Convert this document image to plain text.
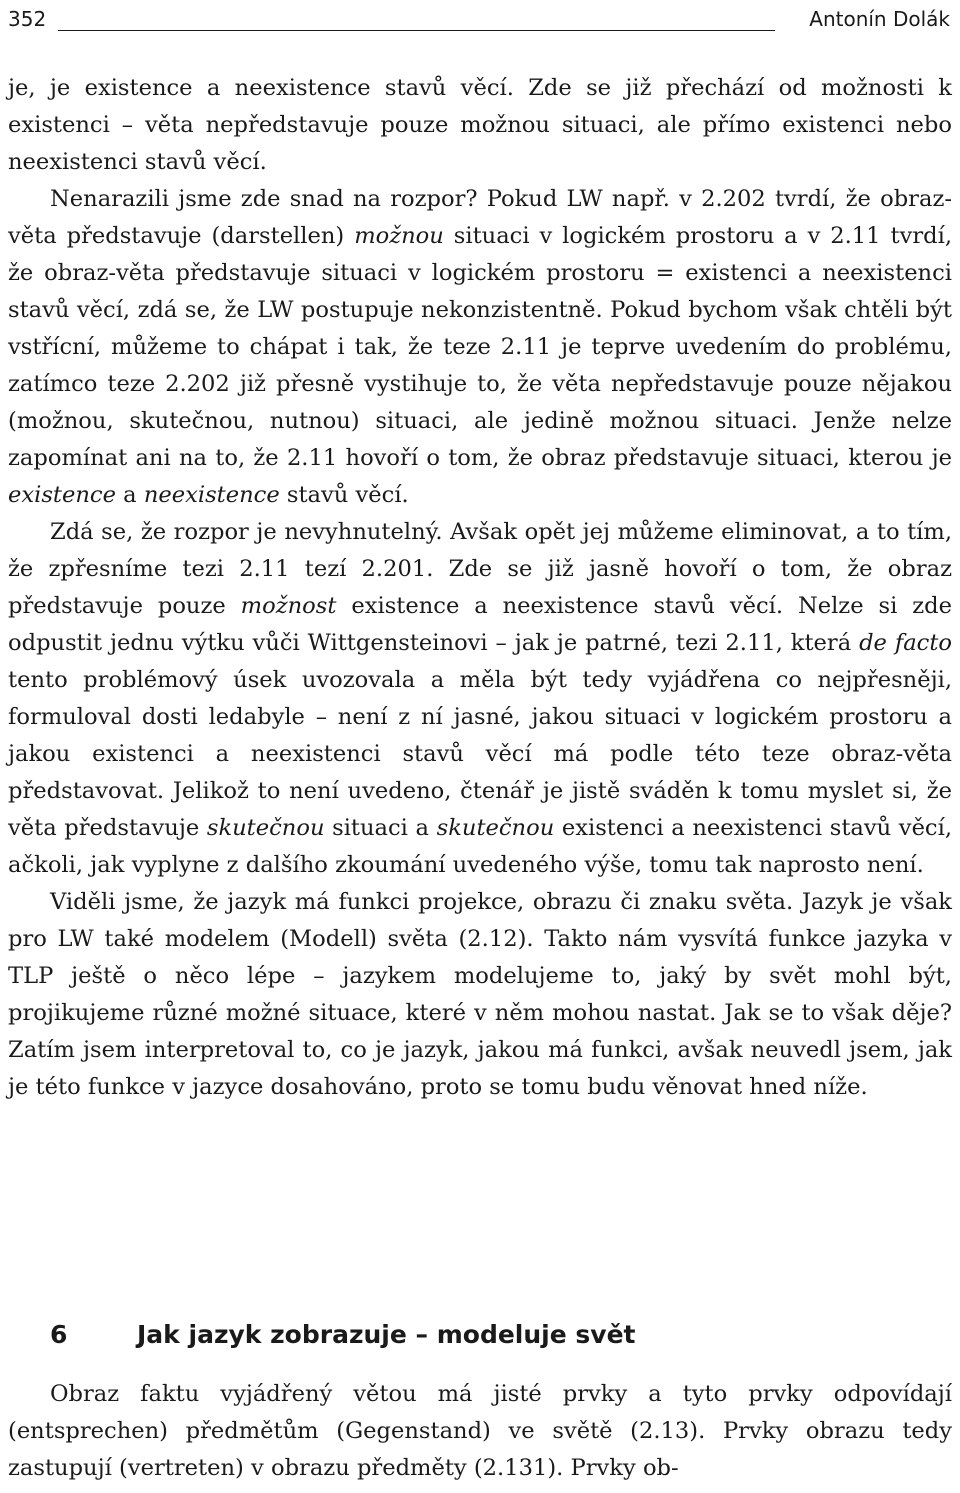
352	Antonín Dolák

je, je existence a neexistence stavů věcí. Zde se již přechází od možnosti k existenci – věta nepředstavuje pouze možnou situaci, ale přímo existenci nebo neexistenci stavů věcí.

Nenarazili jsme zde snad na rozpor? Pokud LW např. v 2.202 tvrdí, že obraz-věta představuje (darstellen) možnou situaci v logickém prostoru a v 2.11 tvrdí, že obraz-věta představuje situaci v logickém prostoru = existenci a neexistenci stavů věcí, zdá se, že LW postupuje nekonzistentně. Pokud bychom však chtěli být vstřícní, můžeme to chápat i tak, že teze 2.11 je teprve uvedením do problému, zatímco teze 2.202 již přesně vystihuje to, že věta nepředstavuje pouze nějakou (možnou, skutečnou, nutnou) situaci, ale jedině možnou situaci. Jenže nelze zapomínat ani na to, že 2.11 hovoří o tom, že obraz představuje situaci, kterou je existence a neexistence stavů věcí.

Zdá se, že rozpor je nevyhnutelný. Avšak opět jej můžeme eliminovat, a to tím, že zpřesníme tezi 2.11 tezí 2.201. Zde se již jasně hovoří o tom, že obraz představuje pouze možnost existence a neexistence stavů věcí. Nelze si zde odpustit jednu výtku vůči Wittgensteinovi – jak je patrné, tezi 2.11, která de facto tento problémový úsek uvozovala a měla být tedy vyjádřena co nejpřesněji, formuloval dosti ledabyle – není z ní jasné, jakou situaci v logickém prostoru a jakou existenci a neexistenci stavů věcí má podle této teze obraz-věta představovat. Jelikož to není uvedeno, čtenář je jistě sváděn k tomu myslet si, že věta představuje skutečnou situaci a skutečnou existenci a neexistenci stavů věcí, ačkoli, jak vyplyne z dalšího zkoumání uvedeného výše, tomu tak naprosto není.

Viděli jsme, že jazyk má funkci projekce, obrazu či znaku světa. Jazyk je však pro LW také modelem (Modell) světa (2.12). Takto nám vysvítá funkce jazyka v TLP ještě o něco lépe – jazykem modelujeme to, jaký by svět mohl být, projikujeme různé možné situace, které v něm mohou nastat. Jak se to však děje? Zatím jsem interpretoval to, co je jazyk, jakou má funkci, avšak neuvedl jsem, jak je této funkce v jazyce dosahováno, proto se tomu budu věnovat hned níže.

6	Jak jazyk zobrazuje – modeluje svět

Obraz faktu vyjádřený větou má jisté prvky a tyto prvky odpovídají (entsprechen) předmětům (Gegenstand) ve světě (2.13). Prvky obrazu tedy zastupují (vertreten) v obrazu předměty (2.131). Prvky ob-
